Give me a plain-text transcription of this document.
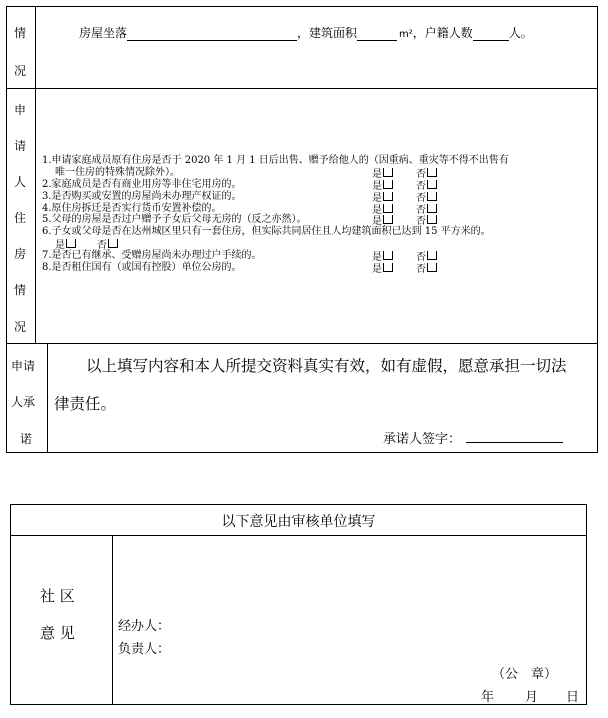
情
况
房屋坐落	，建筑面积	m²，户籍人数	人。
申
请
人
住
房
情
况
1.申请家庭成员原有住房是否于 2020 年 1 月 1 日后出售、赠予给他人的（因重病、重灾等不得不出售有
唯一住房的特殊情况除外）。	是	否
2.家庭成员是否有商业用房等非住宅用房的。	是	否
3.是否购买或安置的房屋尚未办理产权证的。	是	否
4.原住房拆迁是否实行货币安置补偿的。	是	否
5.父母的房屋是否过户赠予子女后父母无房的（反之亦然）。	是	否
6.子女或父母是否在达州城区里只有一套住房，但实际共同居住且人均建筑面积已达到 15 平方米的。
是	否
7.是否已有继承、受赠房屋尚未办理过户手续的。	是	否
8.是否租住国有（或国有控股）单位公房的。	是	否
申请
人承
诺
以上填写内容和本人所提交资料真实有效，如有虚假，愿意承担一切法
律责任。
承诺人签字：
以下意见由审核单位填写
社 区
意 见	经办人：
负责人：
（公　章）
年 月 日
